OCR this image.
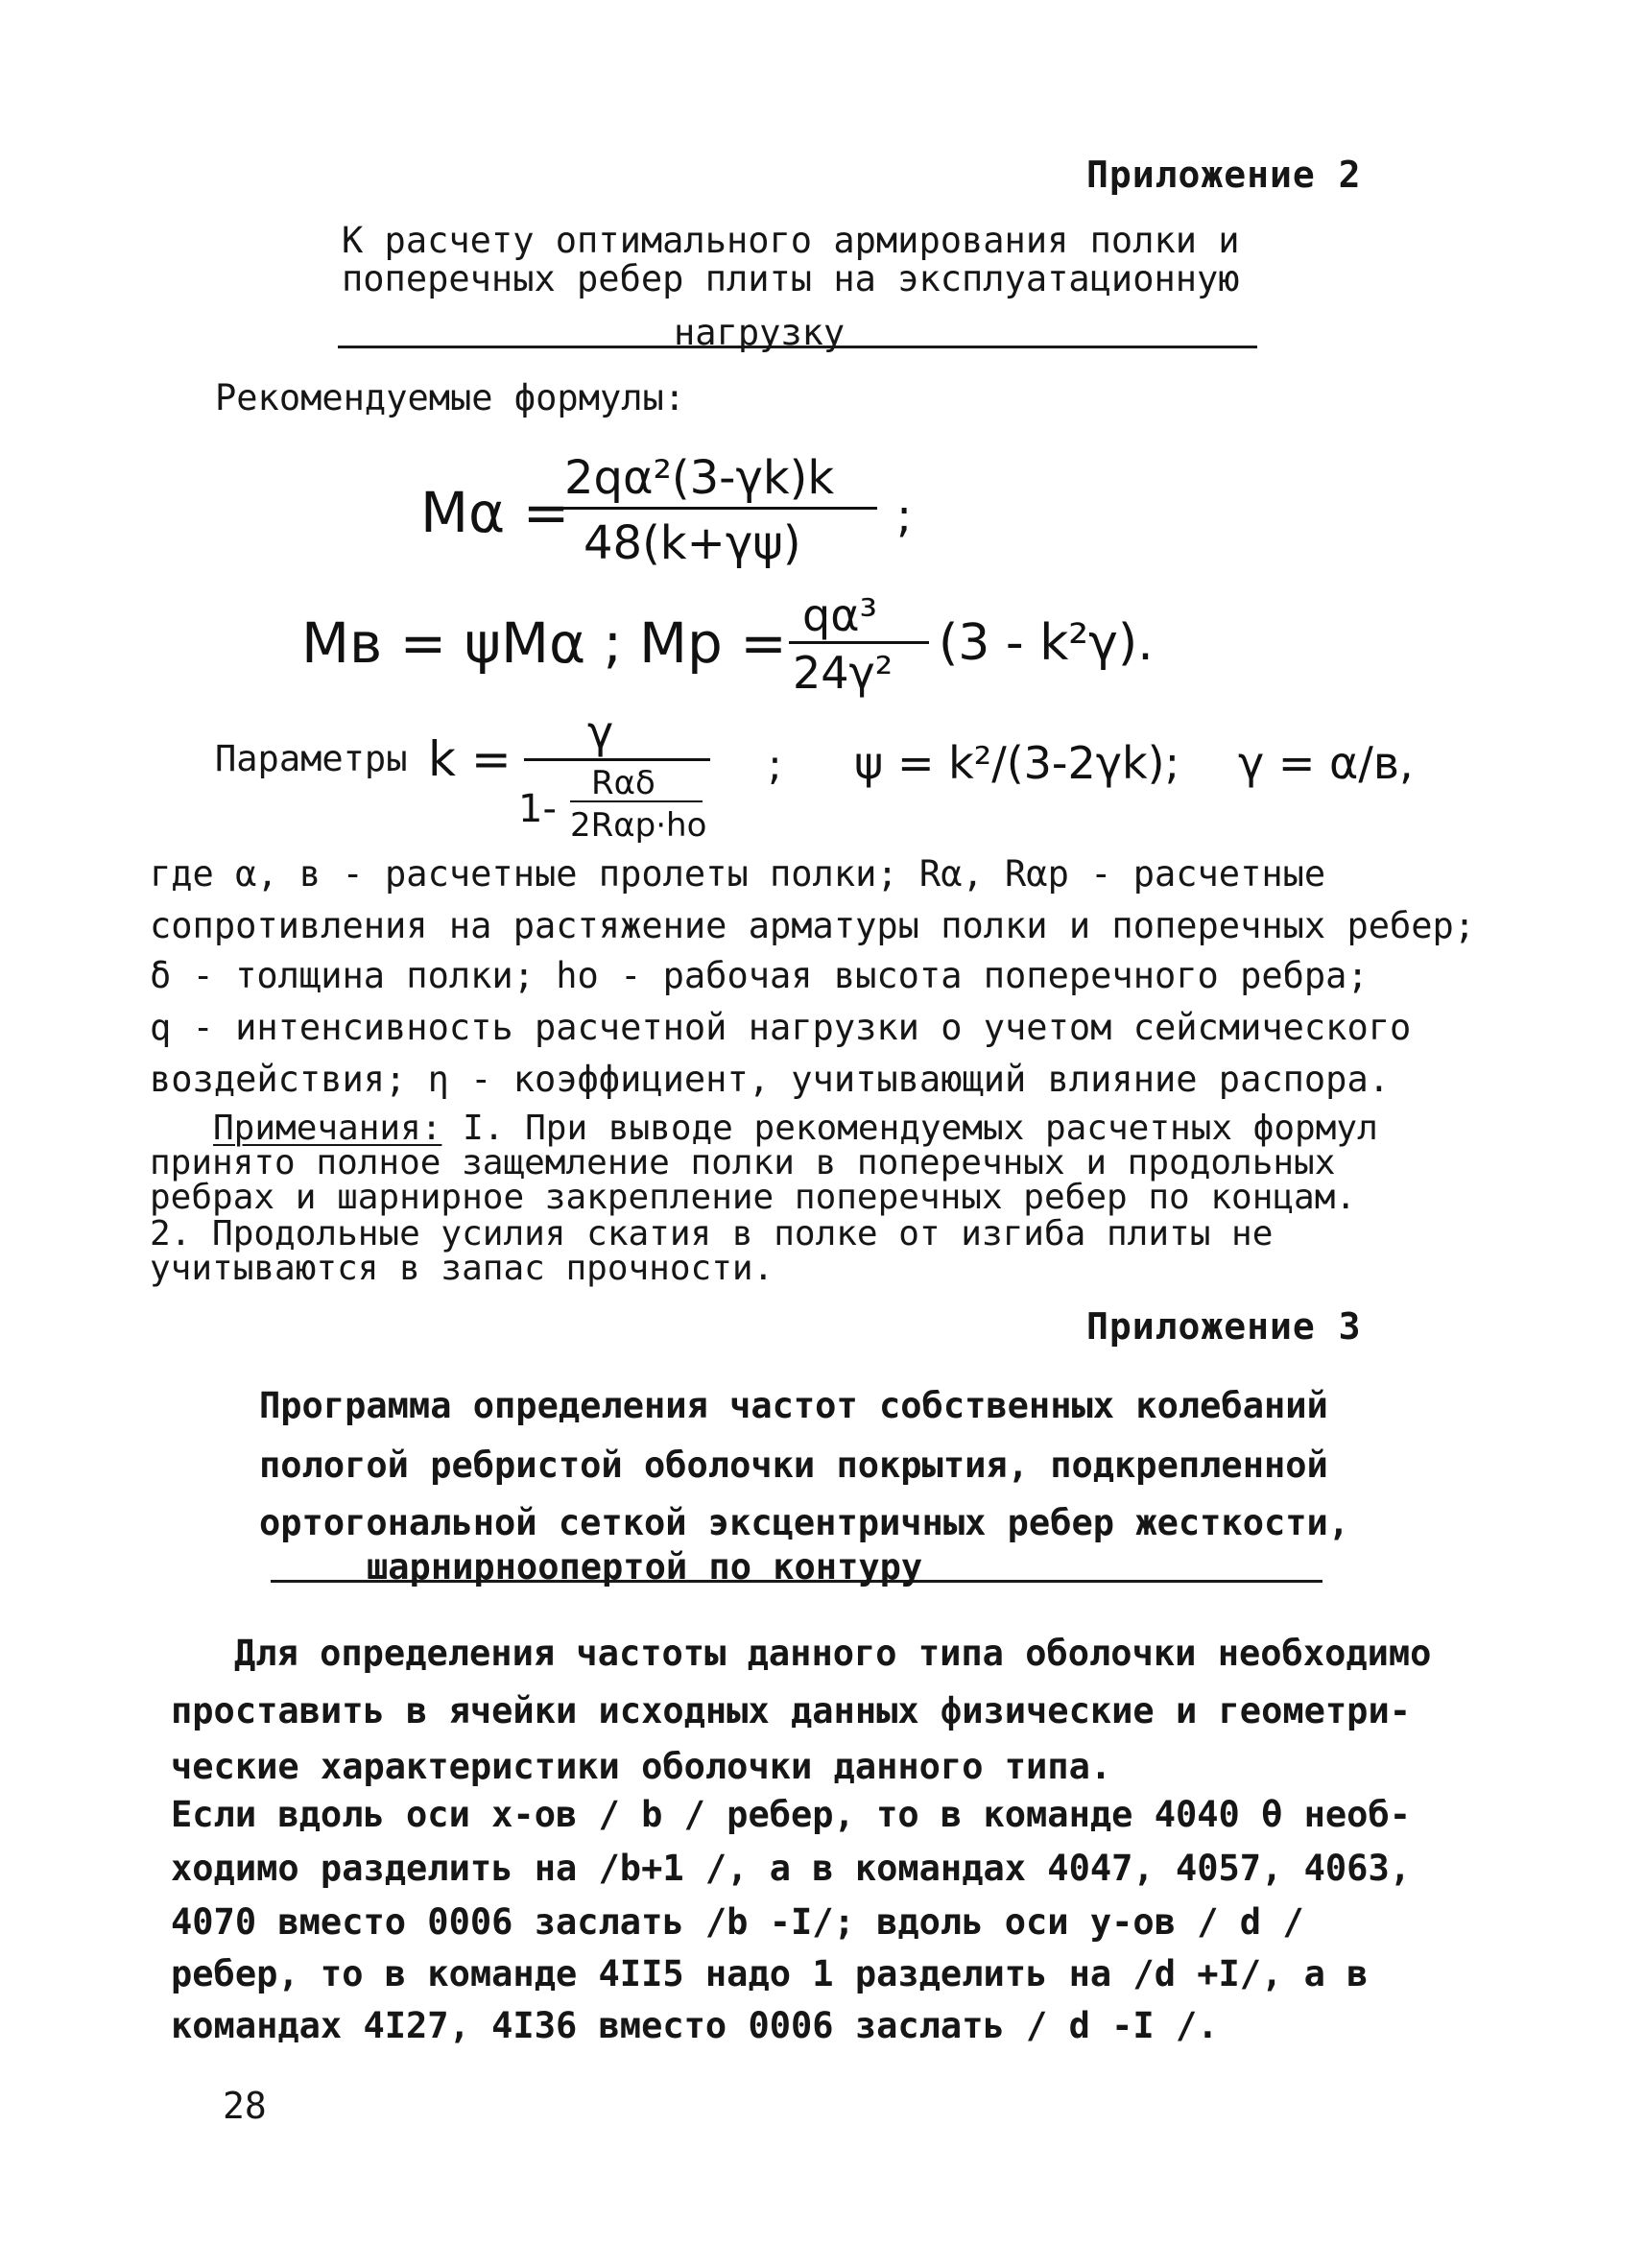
Приложение 2
К расчету оптимального армирования полки и
поперечных ребер плиты на эксплуатационную
нагрузку
Рекомендуемые формулы:
Mα =
2qα²(3-γk)k
48(k+γψ) ;
Mв = ψMα ; Mр = qα³
24γ²
(3 - k²γ).
Параметры k = γ
1-
Rαδ
2Rαр·hо
; ψ = k²/(3-2γk); γ = α/в,
где α, в - расчетные пролеты полки; Rα, Rαр - расчетные
сопротивления на растяжение арматуры полки и поперечных ребер;
δ - толщина полки; hо - рабочая высота поперечного ребра;
q - интенсивность расчетной нагрузки о учетом сейсмического
воздействия; η - коэффициент, учитывающий влияние распора.
Примечания: I. При выводе рекомендуемых расчетных формул
принято полное защемление полки в поперечных и продольных
ребрах и шарнирное закрепление поперечных ребер по концам.
2. Продольные усилия скатия в полке от изгиба плиты не
учитываются в запас прочности.
Приложение 3
Программа определения частот собственных колебаний
пологой ребристой оболочки покрытия, подкрепленной
ортогональной сеткой эксцентричных ребер жесткости,
шарнирноопертой по контуру
Для определения частоты данного типа оболочки необходимо
проставить в ячейки исходных данных физические и геометри-
ческие характеристики оболочки данного типа.
Если вдоль оси x-ов / b / ребер, то в команде 4040 θ необ-
ходимо разделить на /b+1 /, а в командах 4047, 4057, 4063,
4070 вместо 0006 заслать /b -I/; вдоль оси y-ов / d /
ребер, то в команде 4II5 надо 1 разделить на /d +I/, а в
командах 4I27, 4I36 вместо 0006 заслать / d -I /.
28
